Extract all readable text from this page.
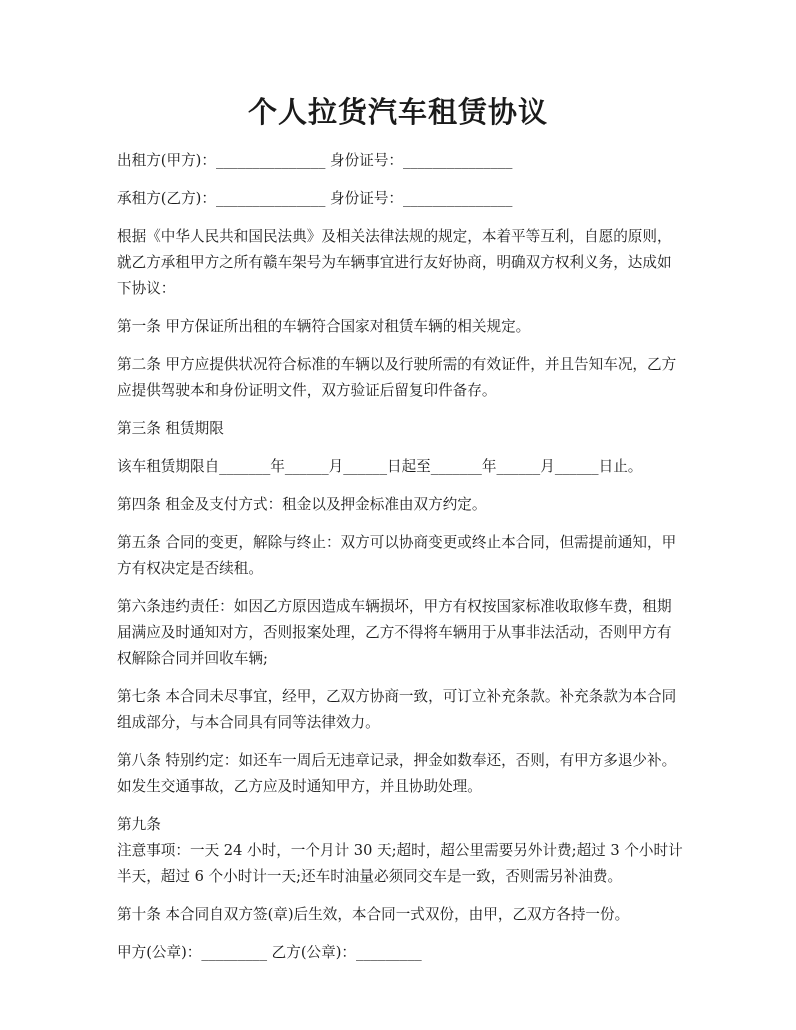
个人拉货汽车租赁协议

出租方(甲方)：_______________ 身份证号：_______________

承租方(乙方)：_______________ 身份证号：_______________

根据《中华人民共和国民法典》及相关法律法规的规定，本着平等互利，自愿的原则，就乙方承租甲方之所有赣车架号为车辆事宜进行友好协商，明确双方权利义务，达成如下协议：

第一条 甲方保证所出租的车辆符合国家对租赁车辆的相关规定。

第二条 甲方应提供状况符合标准的车辆以及行驶所需的有效证件，并且告知车况，乙方应提供驾驶本和身份证明文件，双方验证后留复印件备存。

第三条 租赁期限

该车租赁期限自_______年______月______日起至_______年______月______日止。

第四条 租金及支付方式：租金以及押金标准由双方约定。

第五条 合同的变更，解除与终止：双方可以协商变更或终止本合同，但需提前通知，甲方有权决定是否续租。

第六条违约责任：如因乙方原因造成车辆损坏，甲方有权按国家标准收取修车费，租期届满应及时通知对方，否则报案处理，乙方不得将车辆用于从事非法活动，否则甲方有权解除合同并回收车辆;

第七条 本合同未尽事宜，经甲，乙双方协商一致，可订立补充条款。补充条款为本合同组成部分，与本合同具有同等法律效力。

第八条 特别约定：如还车一周后无违章记录，押金如数奉还，否则，有甲方多退少补。如发生交通事故，乙方应及时通知甲方，并且协助处理。

第九条
注意事项：一天 24 小时，一个月计 30 天;超时，超公里需要另外计费;超过 3 个小时计半天，超过 6 个小时计一天;还车时油量必须同交车是一致，否则需另补油费。

第十条 本合同自双方签(章)后生效，本合同一式双份，由甲，乙双方各持一份。

甲方(公章)：_________ 乙方(公章)：_________
